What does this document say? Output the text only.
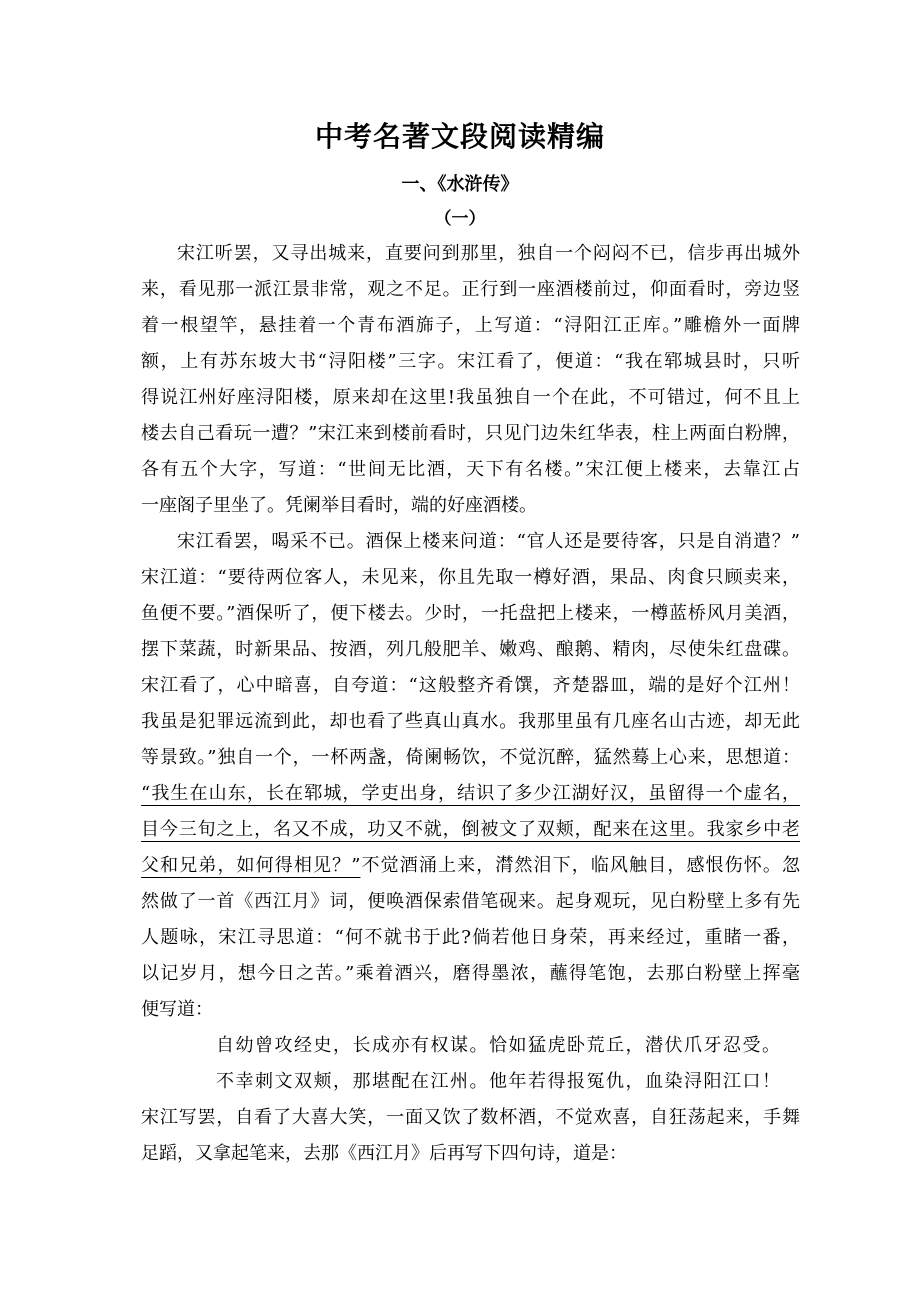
中考名著文段阅读精编
一、《水浒传》
（一）
宋江听罢，又寻出城来，直要问到那里，独自一个闷闷不已，信步再出城外
来，看见那一派江景非常，观之不足。正行到一座酒楼前过，仰面看时，旁边竖
着一根望竿，悬挂着一个青布酒旆子，上写道：“浔阳江正库。”雕檐外一面牌
额，上有苏东坡大书“浔阳楼”三字。宋江看了，便道：“我在郓城县时，只听
得说江州好座浔阳楼，原来却在这里!我虽独自一个在此，不可错过，何不且上
楼去自己看玩一遭？”宋江来到楼前看时，只见门边朱红华表，柱上两面白粉牌，
各有五个大字，写道：“世间无比酒，天下有名楼。”宋江便上楼来，去靠江占
一座阁子里坐了。凭阑举目看时，端的好座酒楼。
宋江看罢，喝采不已。酒保上楼来问道：“官人还是要待客，只是自消遣？”
宋江道：“要待两位客人，未见来，你且先取一樽好酒，果品、肉食只顾卖来，
鱼便不要。”酒保听了，便下楼去。少时，一托盘把上楼来，一樽蓝桥风月美酒，
摆下菜蔬，时新果品、按酒，列几般肥羊、嫩鸡、酿鹅、精肉，尽使朱红盘碟。
宋江看了，心中暗喜，自夸道：“这般整齐肴馔，齐楚器皿，端的是好个江州！
我虽是犯罪远流到此，却也看了些真山真水。我那里虽有几座名山古迹，却无此
等景致。”独自一个，一杯两盏，倚阑畅饮，不觉沉醉，猛然蓦上心来，思想道：
“我生在山东，长在郓城，学吏出身，结识了多少江湖好汉，虽留得一个虚名，
目今三旬之上，名又不成，功又不就，倒被文了双颊，配来在这里。我家乡中老
父和兄弟，如何得相见？”不觉酒涌上来，潸然泪下，临风触目，感恨伤怀。忽
然做了一首《西江月》词，便唤酒保索借笔砚来。起身观玩，见白粉壁上多有先
人题咏，宋江寻思道：“何不就书于此?倘若他日身荣，再来经过，重睹一番，
以记岁月，想今日之苦。”乘着酒兴，磨得墨浓，蘸得笔饱，去那白粉壁上挥毫
便写道：
自幼曾攻经史，长成亦有权谋。恰如猛虎卧荒丘，潜伏爪牙忍受。
不幸刺文双颊，那堪配在江州。他年若得报冤仇，血染浔阳江口！
宋江写罢，自看了大喜大笑，一面又饮了数杯酒，不觉欢喜，自狂荡起来，手舞
足蹈，又拿起笔来，去那《西江月》后再写下四句诗，道是：
